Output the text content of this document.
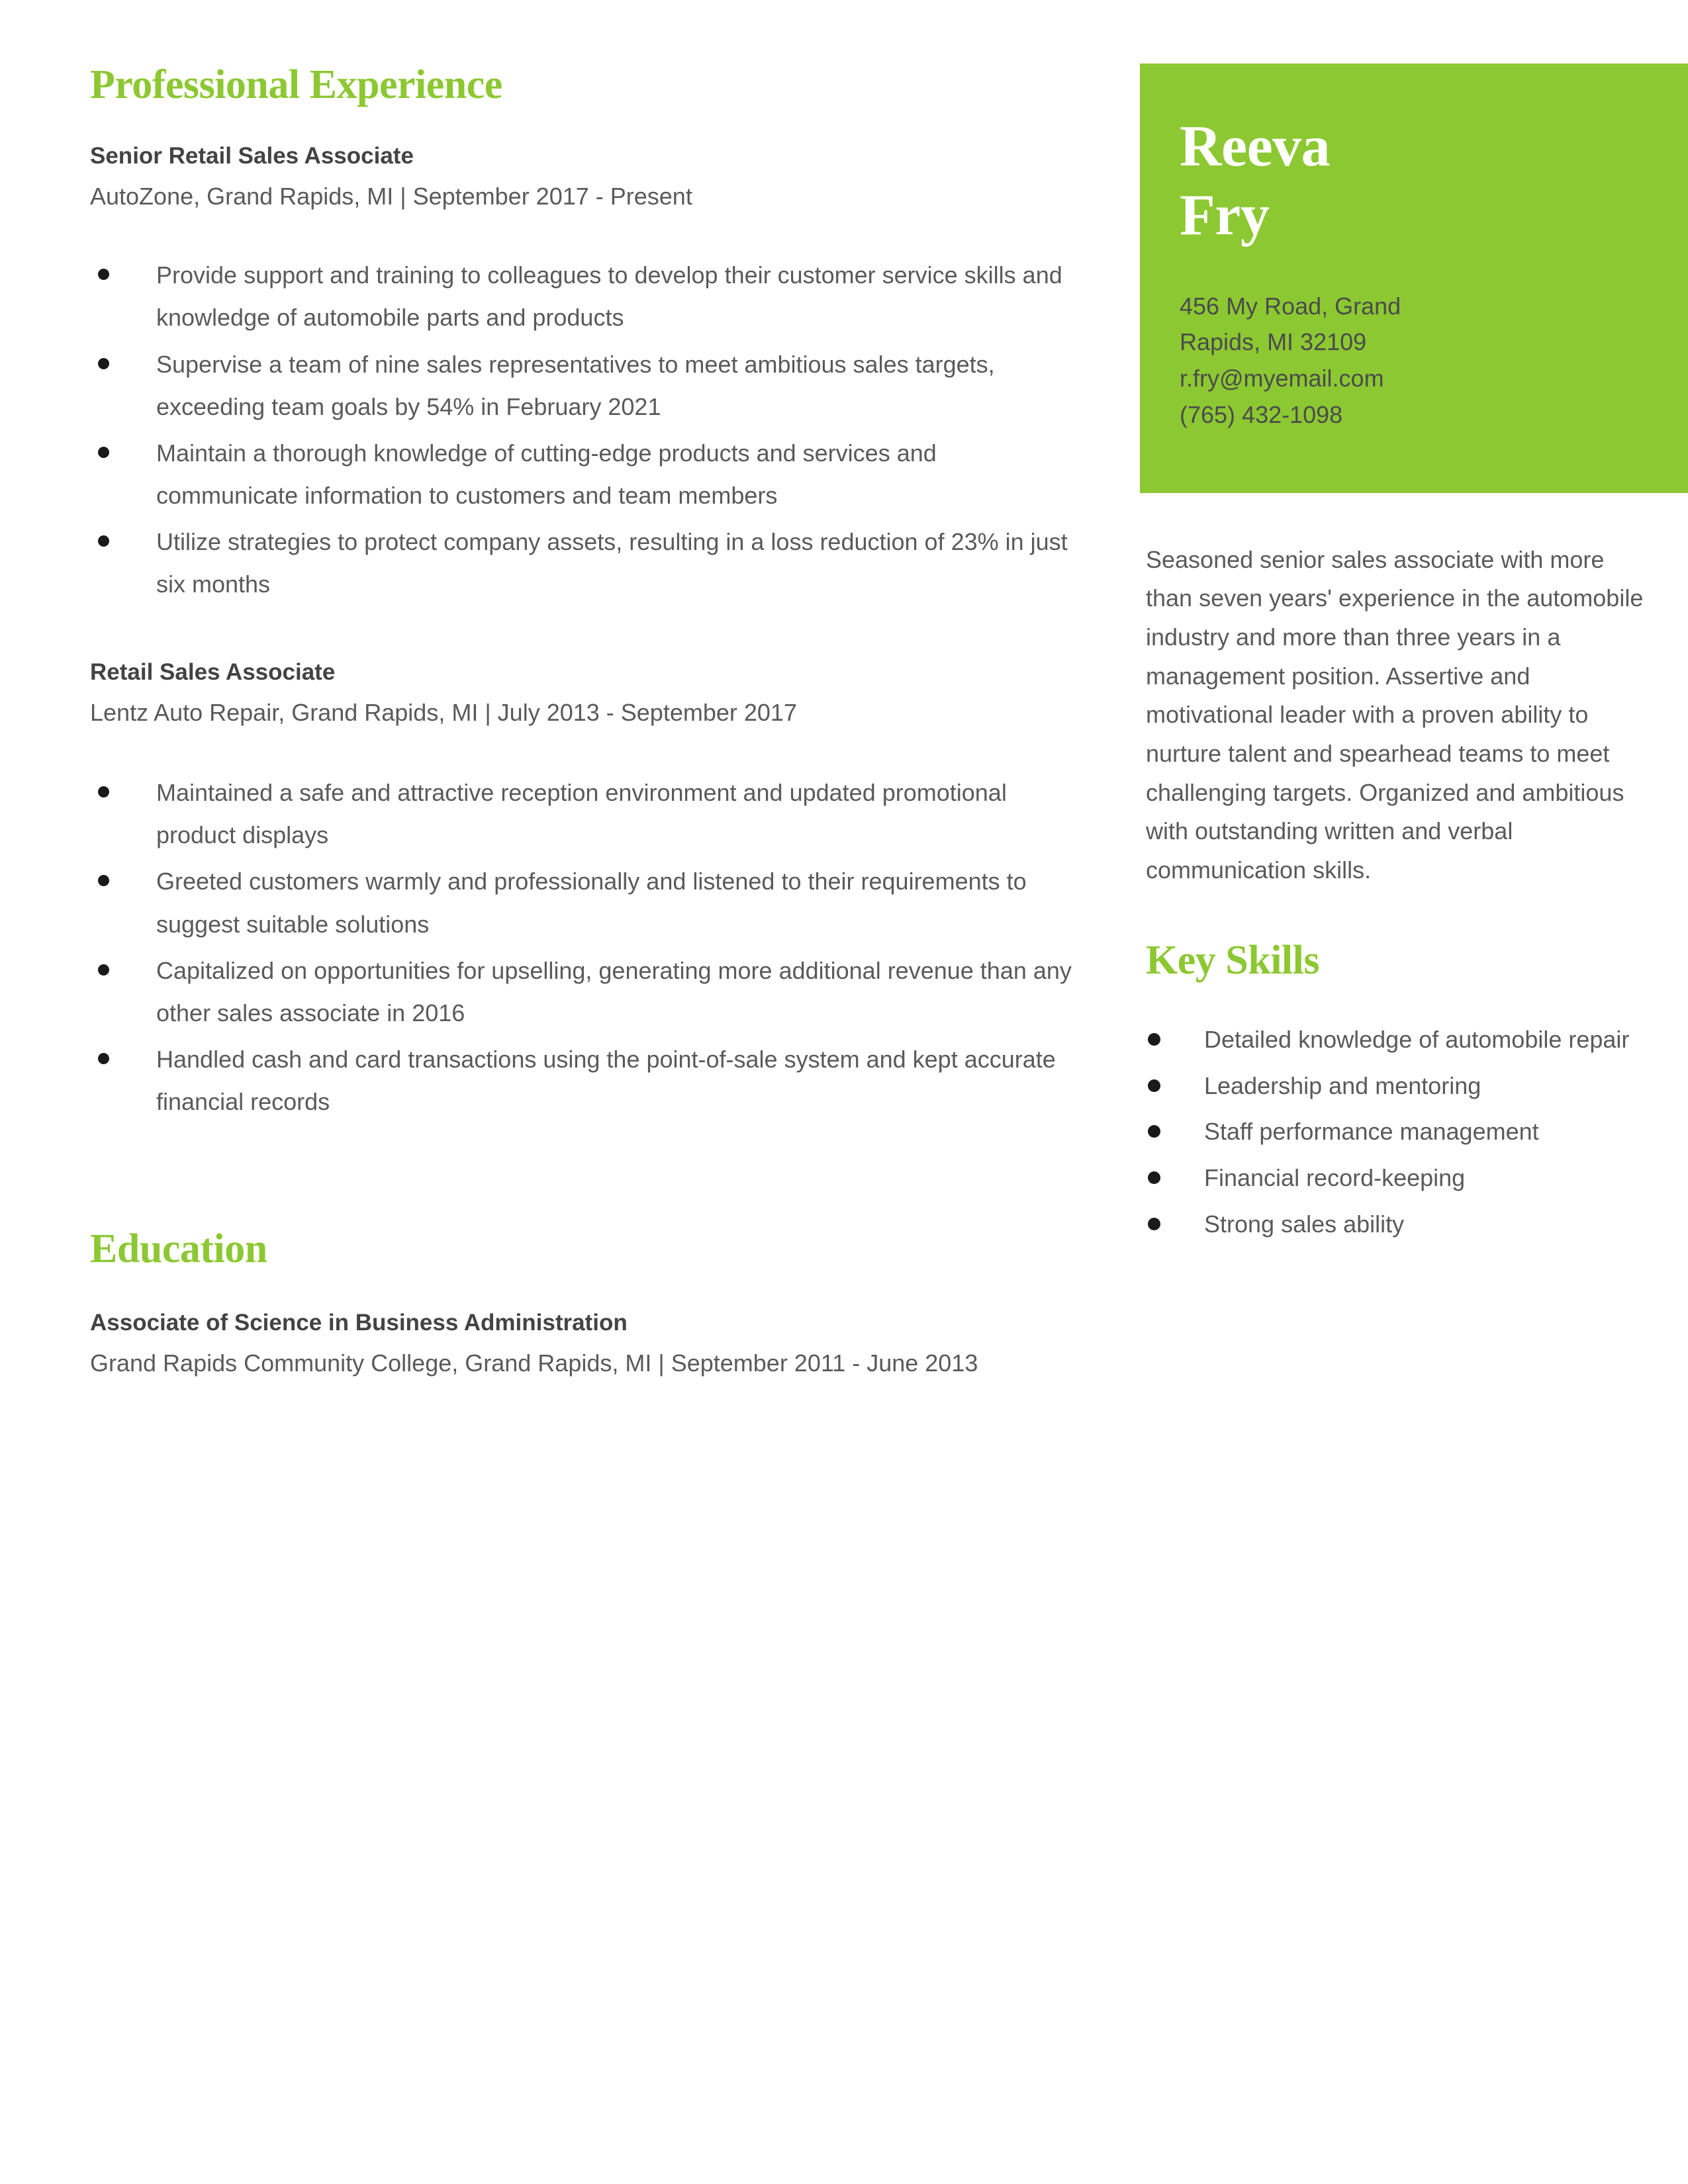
Professional Experience
Senior Retail Sales Associate
AutoZone, Grand Rapids, MI | September 2017 - Present
Provide support and training to colleagues to develop their customer service skills and knowledge of automobile parts and products
Supervise a team of nine sales representatives to meet ambitious sales targets, exceeding team goals by 54% in February 2021
Maintain a thorough knowledge of cutting-edge products and services and communicate information to customers and team members
Utilize strategies to protect company assets, resulting in a loss reduction of 23% in just six months
Retail Sales Associate
Lentz Auto Repair, Grand Rapids, MI | July 2013 - September 2017
Maintained a safe and attractive reception environment and updated promotional product displays
Greeted customers warmly and professionally and listened to their requirements to suggest suitable solutions
Capitalized on opportunities for upselling, generating more additional revenue than any other sales associate in 2016
Handled cash and card transactions using the point-of-sale system and kept accurate financial records
Education
Associate of Science in Business Administration
Grand Rapids Community College, Grand Rapids, MI | September 2011 - June 2013
Reeva
Fry

456 My Road, Grand

Rapids, MI 32109

r.fry@myemail.com

(765) 432-1098

Seasoned senior sales associate with more than seven years' experience in the automobile industry and more than three years in a management position. Assertive and motivational leader with a proven ability to nurture talent and spearhead teams to meet challenging targets. Organized and ambitious with outstanding written and verbal communication skills.

Key Skills
Detailed knowledge of automobile repair
Leadership and mentoring
Staff performance management
Financial record-keeping
Strong sales ability
